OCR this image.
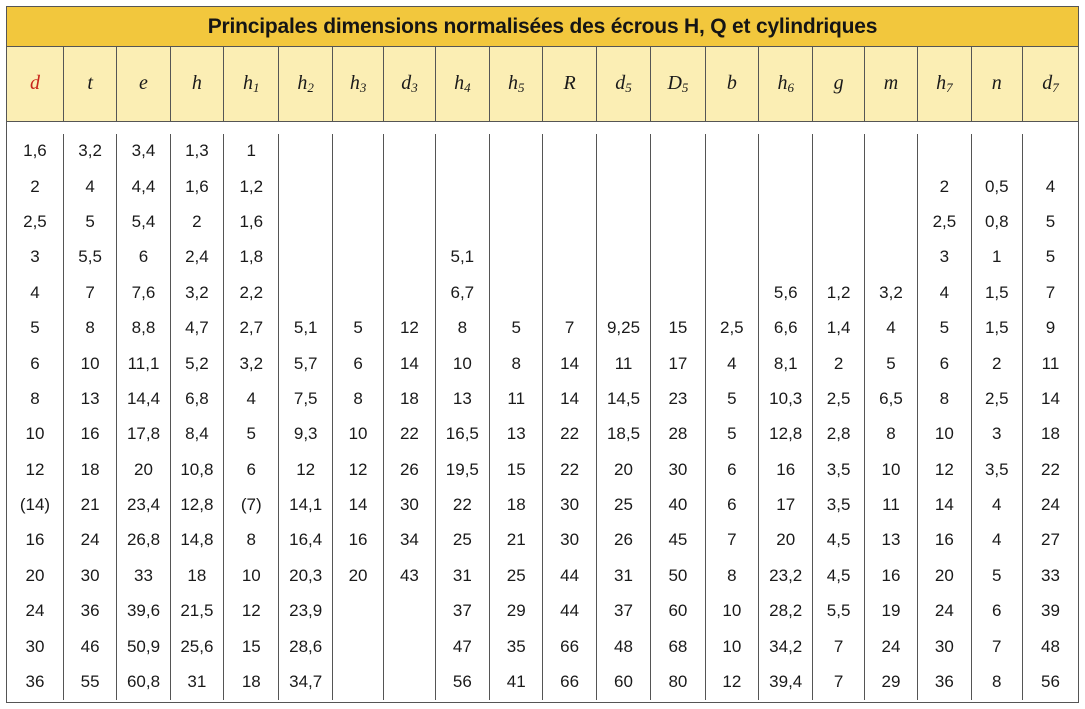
Principales dimensions normalisées des écrous H, Q et cylindriques
d	t	e	h	$h_1$	$h_2$	$h_3$	$d_3$	$h_4$	$h_5$	R	$d_5$	$D_5$	b	$h_6$	g	m	$h_7$	n	$d_7$

1,6	3,2	3,4	1,3	1															
2	4	4,4	1,6	1,2													2	0,5	4
2,5	5	5,4	2	1,6													2,5	0,8	5
3	5,5	6	2,4	1,8				5,1									3	1	5
4	7	7,6	3,2	2,2				6,7						5,6	1,2	3,2	4	1,5	7
5	8	8,8	4,7	2,7	5,1	5	12	8	5	7	9,25	15	2,5	6,6	1,4	4	5	1,5	9
6	10	11,1	5,2	3,2	5,7	6	14	10	8	14	11	17	4	8,1	2	5	6	2	11
8	13	14,4	6,8	4	7,5	8	18	13	11	14	14,5	23	5	10,3	2,5	6,5	8	2,5	14
10	16	17,8	8,4	5	9,3	10	22	16,5	13	22	18,5	28	5	12,8	2,8	8	10	3	18
12	18	20	10,8	6	12	12	26	19,5	15	22	20	30	6	16	3,5	10	12	3,5	22
(14)	21	23,4	12,8	(7)	14,1	14	30	22	18	30	25	40	6	17	3,5	11	14	4	24
16	24	26,8	14,8	8	16,4	16	34	25	21	30	26	45	7	20	4,5	13	16	4	27
20	30	33	18	10	20,3	20	43	31	25	44	31	50	8	23,2	4,5	16	20	5	33
24	36	39,6	21,5	12	23,9			37	29	44	37	60	10	28,2	5,5	19	24	6	39
30	46	50,9	25,6	15	28,6			47	35	66	48	68	10	34,2	7	24	30	7	48
36	55	60,8	31	18	34,7			56	41	66	60	80	12	39,4	7	29	36	8	56
